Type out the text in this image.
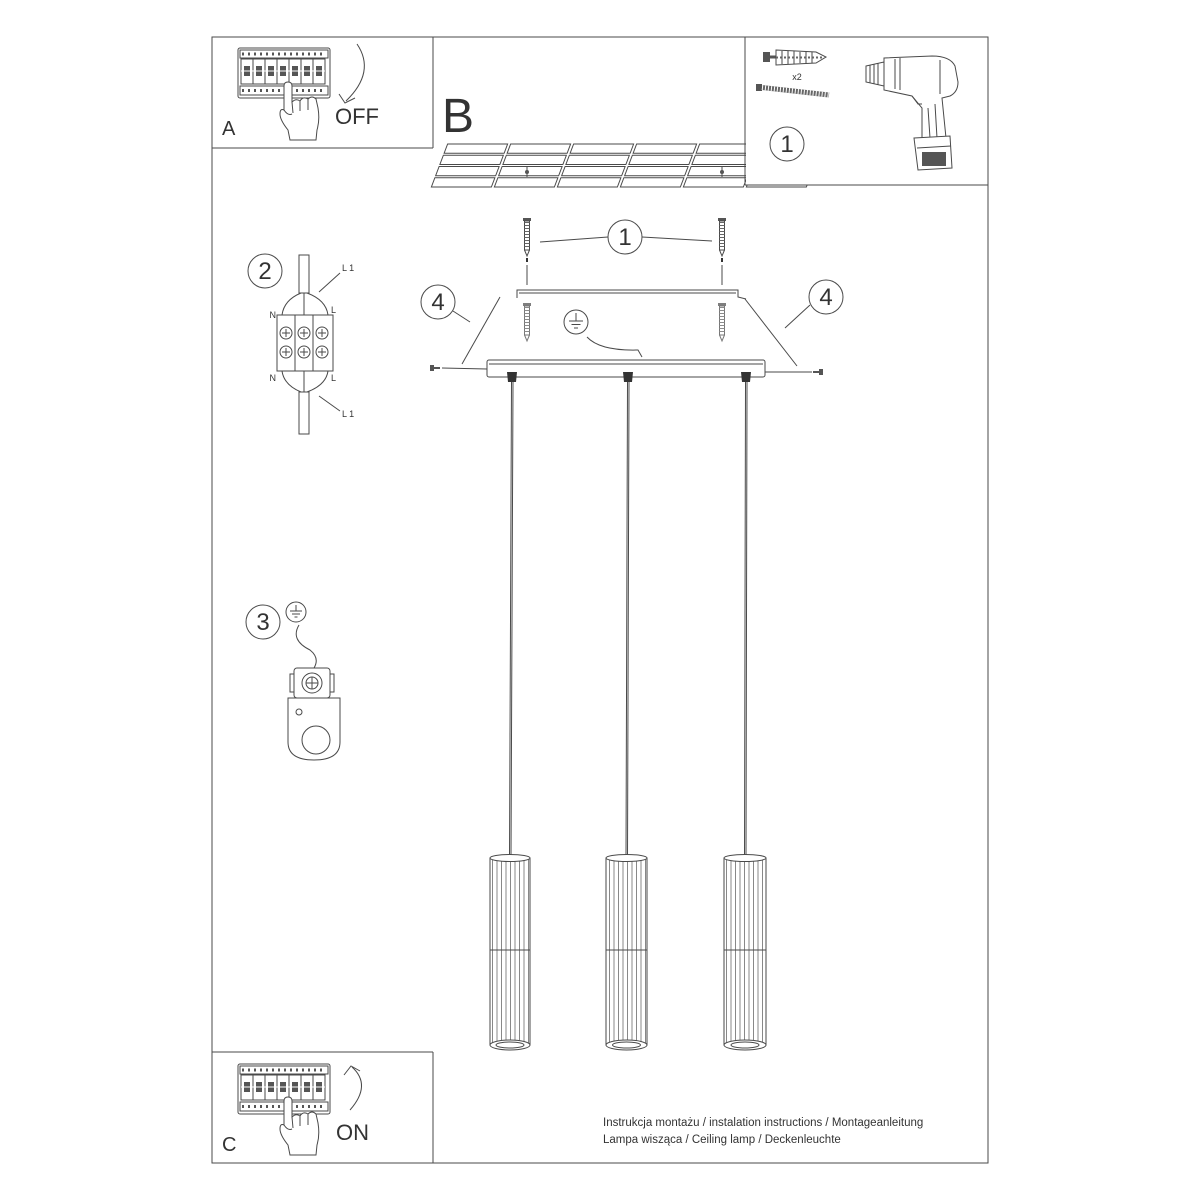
x2
1
A	OFF B
1
4	4
2	L 1
N	L
N	L
L 1
3
C	ON	Instrukcja montażu / instalation instructions / Montageanleitung
Lampa wisząca / Ceiling lamp / Deckenleuchte
